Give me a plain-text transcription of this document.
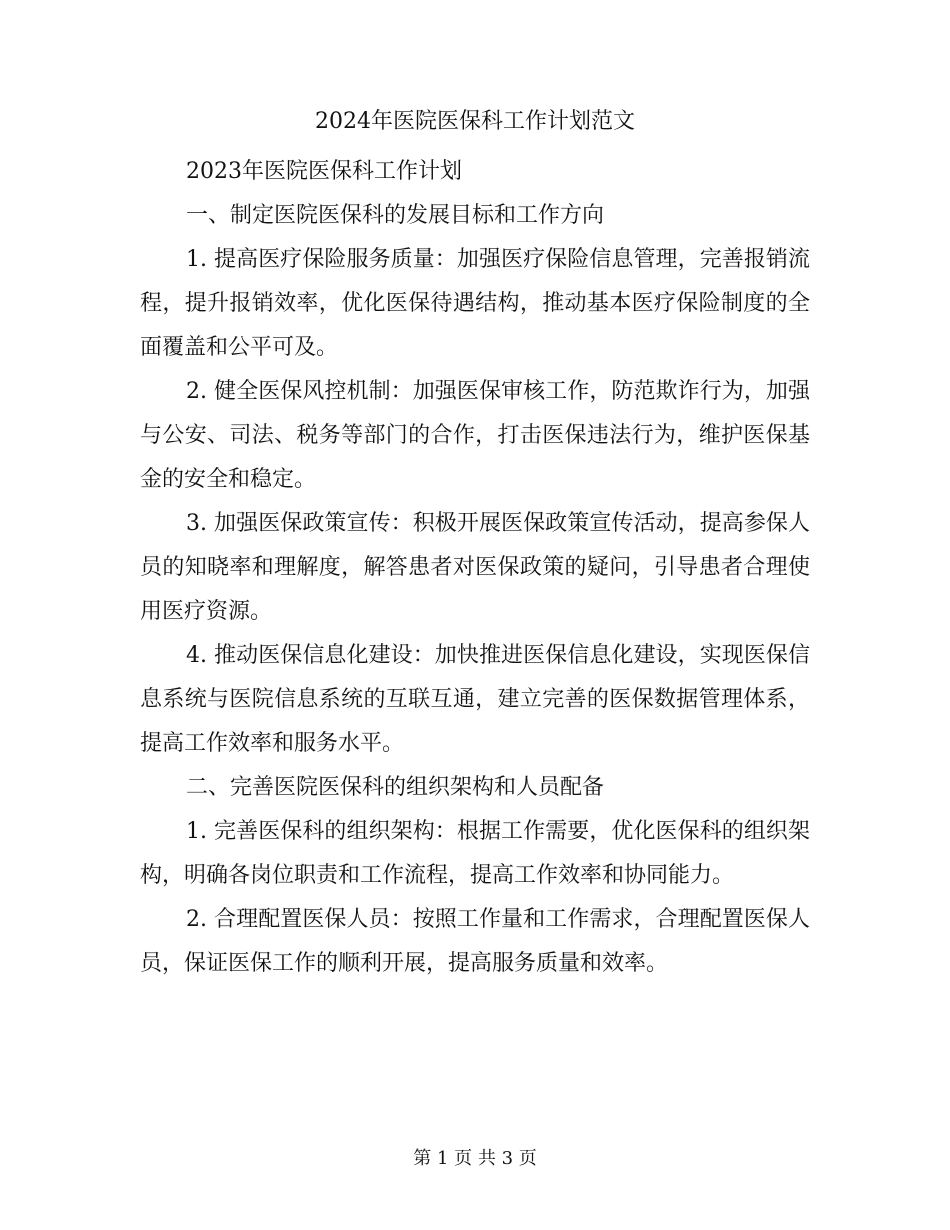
2024年医院医保科工作计划范文

2023年医院医保科工作计划

一、制定医院医保科的发展目标和工作方向

1. 提高医疗保险服务质量：加强医疗保险信息管理，完善报销流程，提升报销效率，优化医保待遇结构，推动基本医疗保险制度的全面覆盖和公平可及。

2. 健全医保风控机制：加强医保审核工作，防范欺诈行为，加强与公安、司法、税务等部门的合作，打击医保违法行为，维护医保基金的安全和稳定。

3. 加强医保政策宣传：积极开展医保政策宣传活动，提高参保人员的知晓率和理解度，解答患者对医保政策的疑问，引导患者合理使用医疗资源。

4. 推动医保信息化建设：加快推进医保信息化建设，实现医保信息系统与医院信息系统的互联互通，建立完善的医保数据管理体系，提高工作效率和服务水平。

二、完善医院医保科的组织架构和人员配备

1. 完善医保科的组织架构：根据工作需要，优化医保科的组织架构，明确各岗位职责和工作流程，提高工作效率和协同能力。

2. 合理配置医保人员：按照工作量和工作需求，合理配置医保人员，保证医保工作的顺利开展，提高服务质量和效率。

第 1 页 共 3 页
